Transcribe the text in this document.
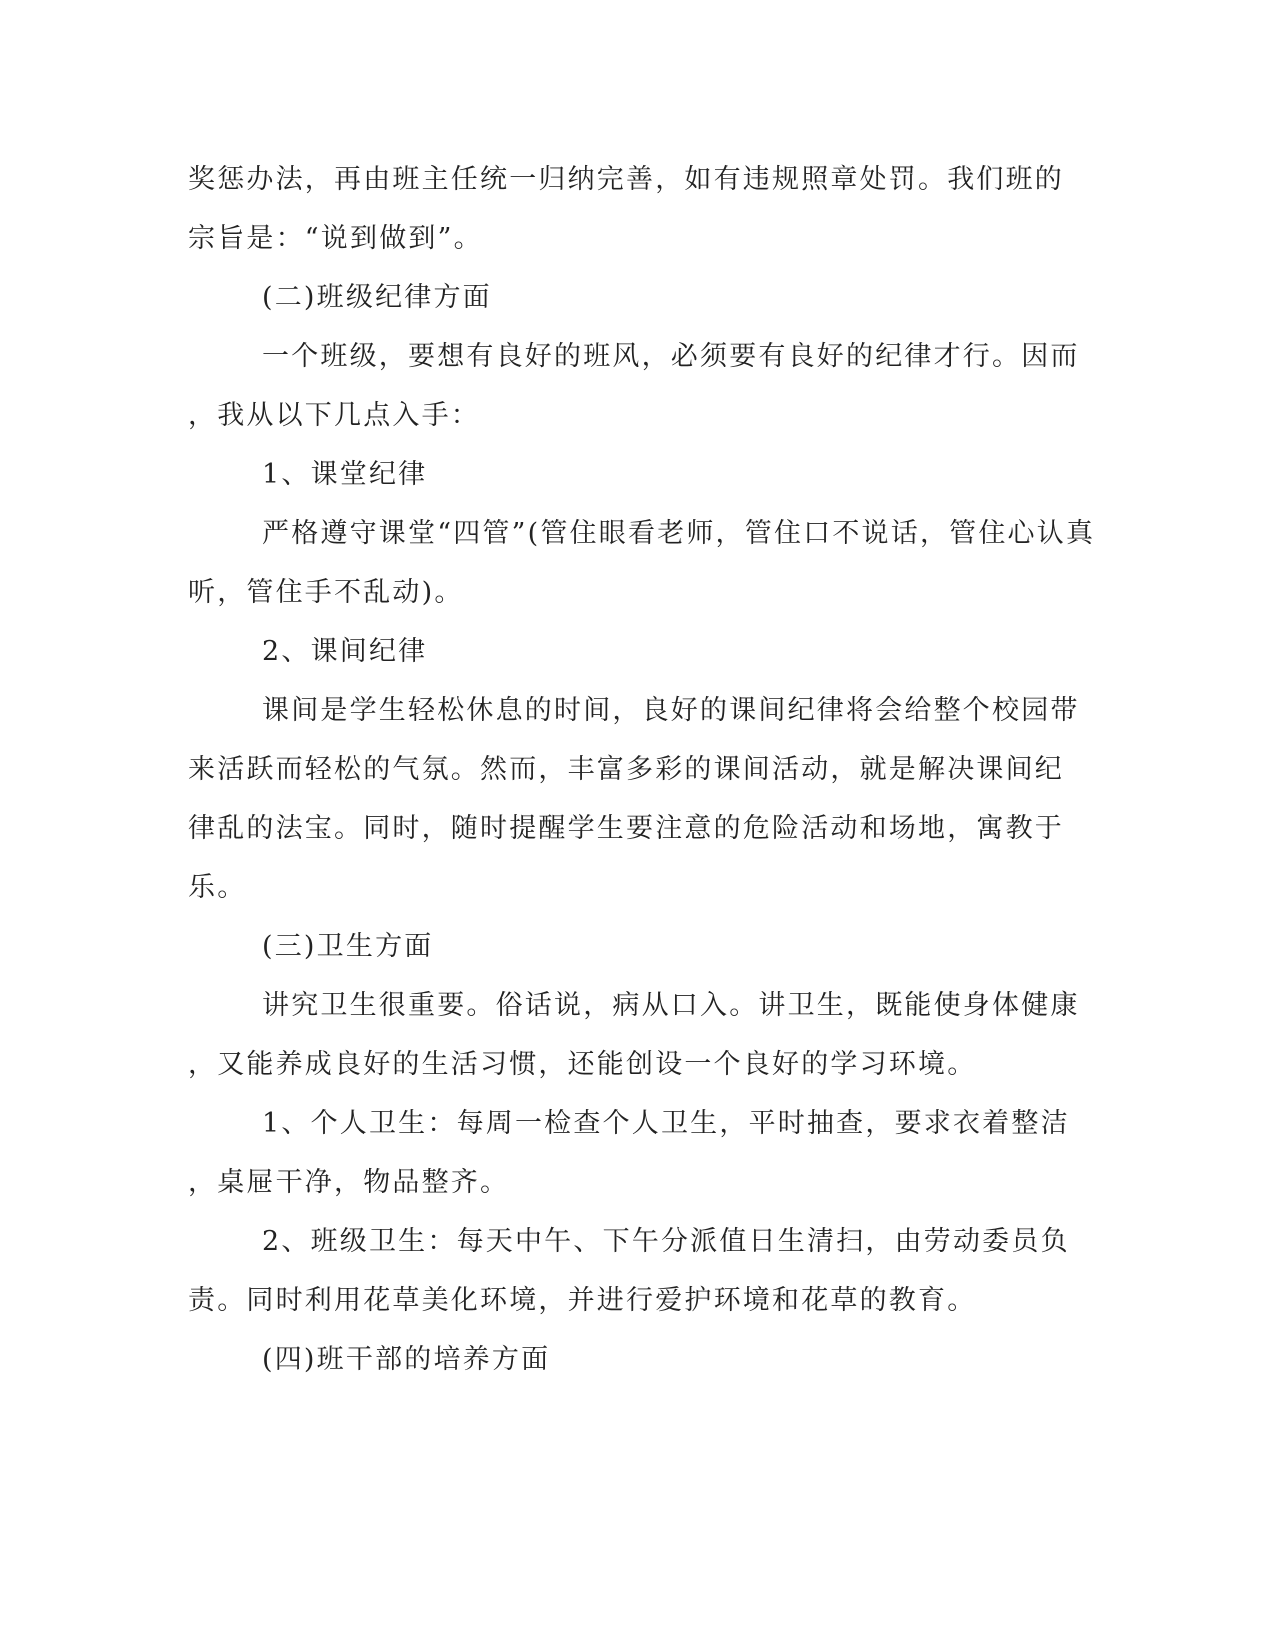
奖惩办法，再由班主任统一归纳完善，如有违规照章处罚。我们班的
宗旨是：“说到做到”。
(二)班级纪律方面
一个班级，要想有良好的班风，必须要有良好的纪律才行。因而
，我从以下几点入手：
1、课堂纪律
严格遵守课堂“四管”(管住眼看老师，管住口不说话，管住心认真
听，管住手不乱动)。
2、课间纪律
课间是学生轻松休息的时间，良好的课间纪律将会给整个校园带
来活跃而轻松的气氛。然而，丰富多彩的课间活动，就是解决课间纪
律乱的法宝。同时，随时提醒学生要注意的危险活动和场地，寓教于
乐。
(三)卫生方面
讲究卫生很重要。俗话说，病从口入。讲卫生，既能使身体健康
，又能养成良好的生活习惯，还能创设一个良好的学习环境。
1、个人卫生：每周一检查个人卫生，平时抽查，要求衣着整洁
，桌屉干净，物品整齐。
2、班级卫生：每天中午、下午分派值日生清扫，由劳动委员负
责。同时利用花草美化环境，并进行爱护环境和花草的教育。
(四)班干部的培养方面
